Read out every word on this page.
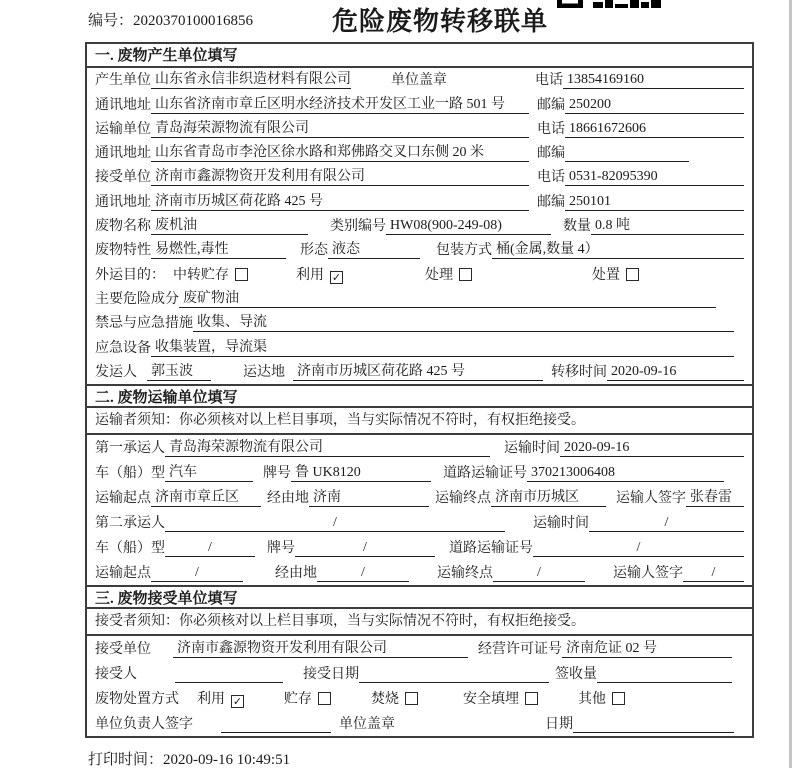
编号：2020370100016856	危险废物转移联单
一. 废物产生单位填写
产生单位 山东省永信非织造材料有限公司	单位盖章	电话 13854169160
通讯地址 山东省济南市章丘区明水经济技术开发区工业一路 501 号	邮编 250200
运输单位 青岛海荣源物流有限公司	电话 18661672606
通讯地址 山东省青岛市李沧区徐水路和郑佛路交叉口东侧 20 米	邮编
接受单位 济南市鑫源物资开发利用有限公司	电话 0531-82095390
通讯地址 济南市历城区荷花路 425 号	邮编 250101
废物名称 废机油	类别编号 HW08(900-249-08)	数量 0.8 吨
废物特性 易燃性,毒性	形态 液态	包装方式 桶(金属,数量 4）
外运目的： 中转贮存	利用 ✓	处理	处置
主要危险成分 废矿物油
禁忌与应急措施 收集、导流
应急设备 收集装置，导流渠
发运人 郭玉波	运达地 济南市历城区荷花路 425 号	转移时间 2020-09-16
二. 废物运输单位填写
运输者须知：你必须核对以上栏目事项，当与实际情况不符时，有权拒绝接受。
第一承运人 青岛海荣源物流有限公司	运输时间 2020-09-16
车（船）型 汽车	牌号 鲁 UK8120	道路运输证号 370213006408
运输起点 济南市章丘区	经由地 济南	运输终点 济南市历城区	运输人签字 张春雷
第二承运人	/	运输时间	/
车（船）型	/	牌号	/	道路运输证号	/
运输起点	/	经由地	/	运输终点	/	运输人签字	/
三. 废物接受单位填写
接受者须知：你必须核对以上栏目事项，当与实际情况不符时，有权拒绝接受。
接受单位 济南市鑫源物资开发利用有限公司	经营许可证号 济南危证 02 号
接受人	接受日期	签收量
废物处置方式 利用 ✓	贮存	焚烧	安全填埋	其他
单位负责人签字	单位盖章	日期
打印时间：2020-09-16 10:49:51
